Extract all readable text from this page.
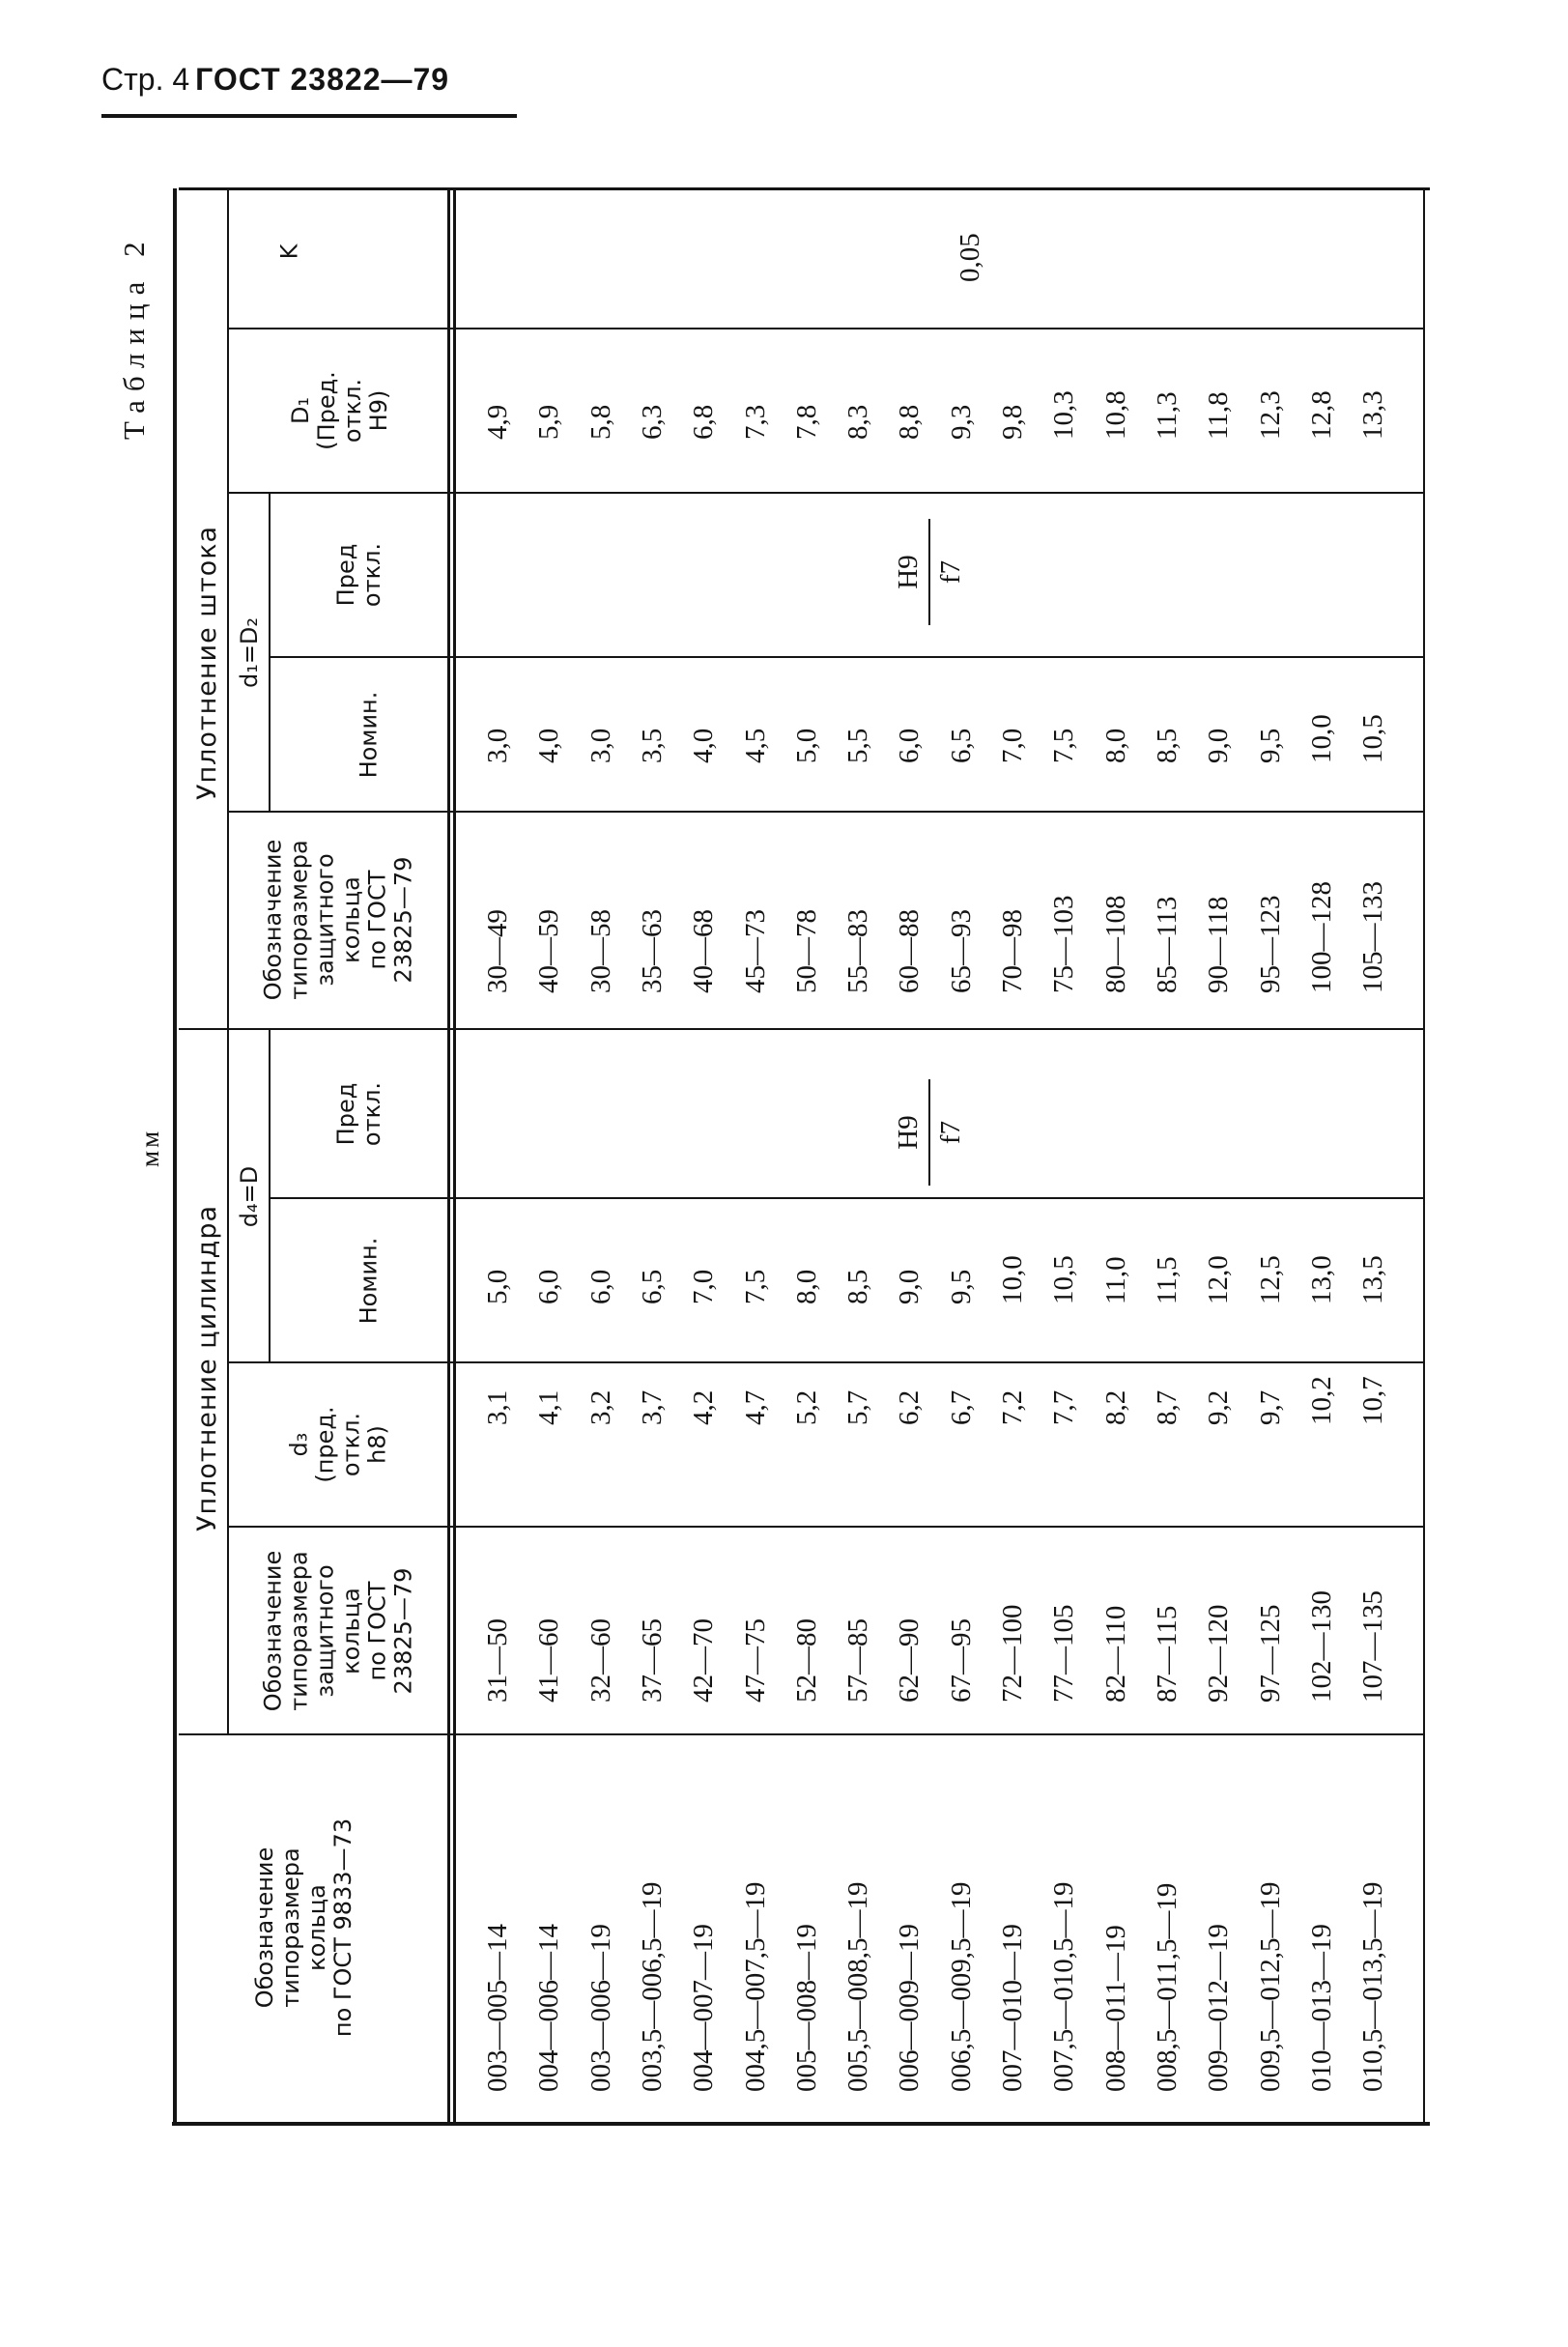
Стр. 4 ГОСТ 23822—79
Таблица 2
мм
Уплотнение цилиндра
Уплотнение штока
Обозначение типоразмера кольца по ГОСТ 9833—73
Обозначение типоразмера защитного кольца по ГОСТ 23825—79
d₃ (пред. откл. h8)
d₄=D
Номин.
Пред откл.
Обозначение типоразмера защитного кольца по ГОСТ 23825—79
d₁=D₂
Номин.
Пред откл.
D₁ (Пред. откл. H9)
K
003—005—14
31—50
3,1
5,0
30—49
3,0
4,9
004—006—14
41—60
4,1
6,0
40—59
4,0
5,9
003—006—19
32—60
3,2
6,0
30—58
3,0
5,8
003,5—006,5—19
37—65
3,7
6,5
35—63
3,5
6,3
004—007—19
42—70
4,2
7,0
40—68
4,0
6,8
004,5—007,5—19
47—75
4,7
7,5
45—73
4,5
7,3
005—008—19
52—80
5,2
8,0
50—78
5,0
7,8
005,5—008,5—19
57—85
5,7
8,5
55—83
5,5
8,3
006—009—19
62—90
6,2
9,0
60—88
6,0
8,8
006,5—009,5—19
67—95
6,7
9,5
65—93
6,5
9,3
007—010—19
72—100
7,2
10,0
70—98
7,0
9,8
007,5—010,5—19
77—105
7,7
10,5
75—103
7,5
10,3
008—011—19
82—110
8,2
11,0
80—108
8,0
10,8
008,5—011,5—19
87—115
8,7
11,5
85—113
8,5
11,3
009—012—19
92—120
9,2
12,0
90—118
9,0
11,8
009,5—012,5—19
97—125
9,7
12,5
95—123
9,5
12,3
010—013—19
102—130
10,2
13,0
100—128
10,0
12,8
010,5—013,5—19
107—135
10,7
13,5
105—133
10,5
13,3
H9 f7
H9 f7
0,05
